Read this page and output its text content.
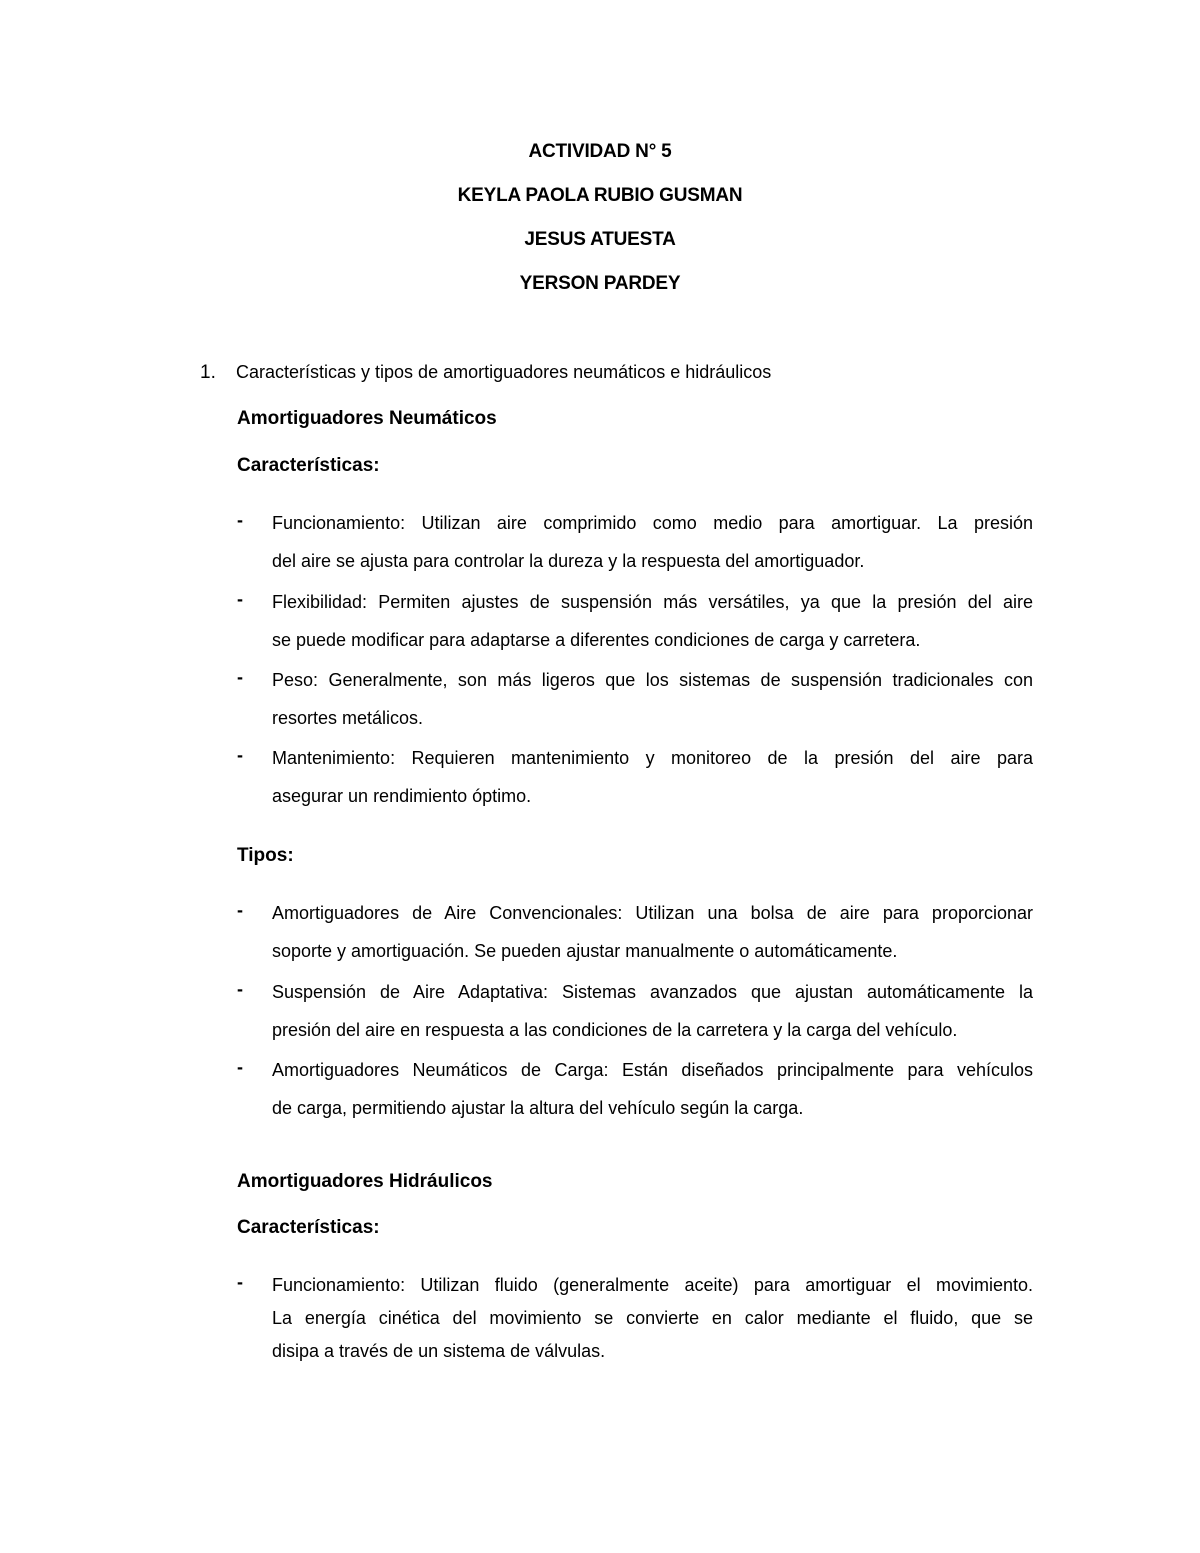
ACTIVIDAD N° 5
KEYLA PAOLA RUBIO GUSMAN
JESUS ATUESTA
YERSON PARDEY
1. Características y tipos de amortiguadores neumáticos e hidráulicos
Amortiguadores Neumáticos
Características:
-	Funcionamiento: Utilizan aire comprimido como medio para amortiguar. La presión
del aire se ajusta para controlar la dureza y la respuesta del amortiguador.
-	Flexibilidad: Permiten ajustes de suspensión más versátiles, ya que la presión del aire
se puede modificar para adaptarse a diferentes condiciones de carga y carretera.
-	Peso: Generalmente, son más ligeros que los sistemas de suspensión tradicionales con
resortes metálicos.
-	Mantenimiento: Requieren mantenimiento y monitoreo de la presión del aire para
asegurar un rendimiento óptimo.
Tipos:
-	Amortiguadores de Aire Convencionales: Utilizan una bolsa de aire para proporcionar
soporte y amortiguación. Se pueden ajustar manualmente o automáticamente.
-	Suspensión de Aire Adaptativa: Sistemas avanzados que ajustan automáticamente la
presión del aire en respuesta a las condiciones de la carretera y la carga del vehículo.
-	Amortiguadores Neumáticos de Carga: Están diseñados principalmente para vehículos
de carga, permitiendo ajustar la altura del vehículo según la carga.
Amortiguadores Hidráulicos
Características:
-	Funcionamiento: Utilizan fluido (generalmente aceite) para amortiguar el movimiento.
La energía cinética del movimiento se convierte en calor mediante el fluido, que se
disipa a través de un sistema de válvulas.
